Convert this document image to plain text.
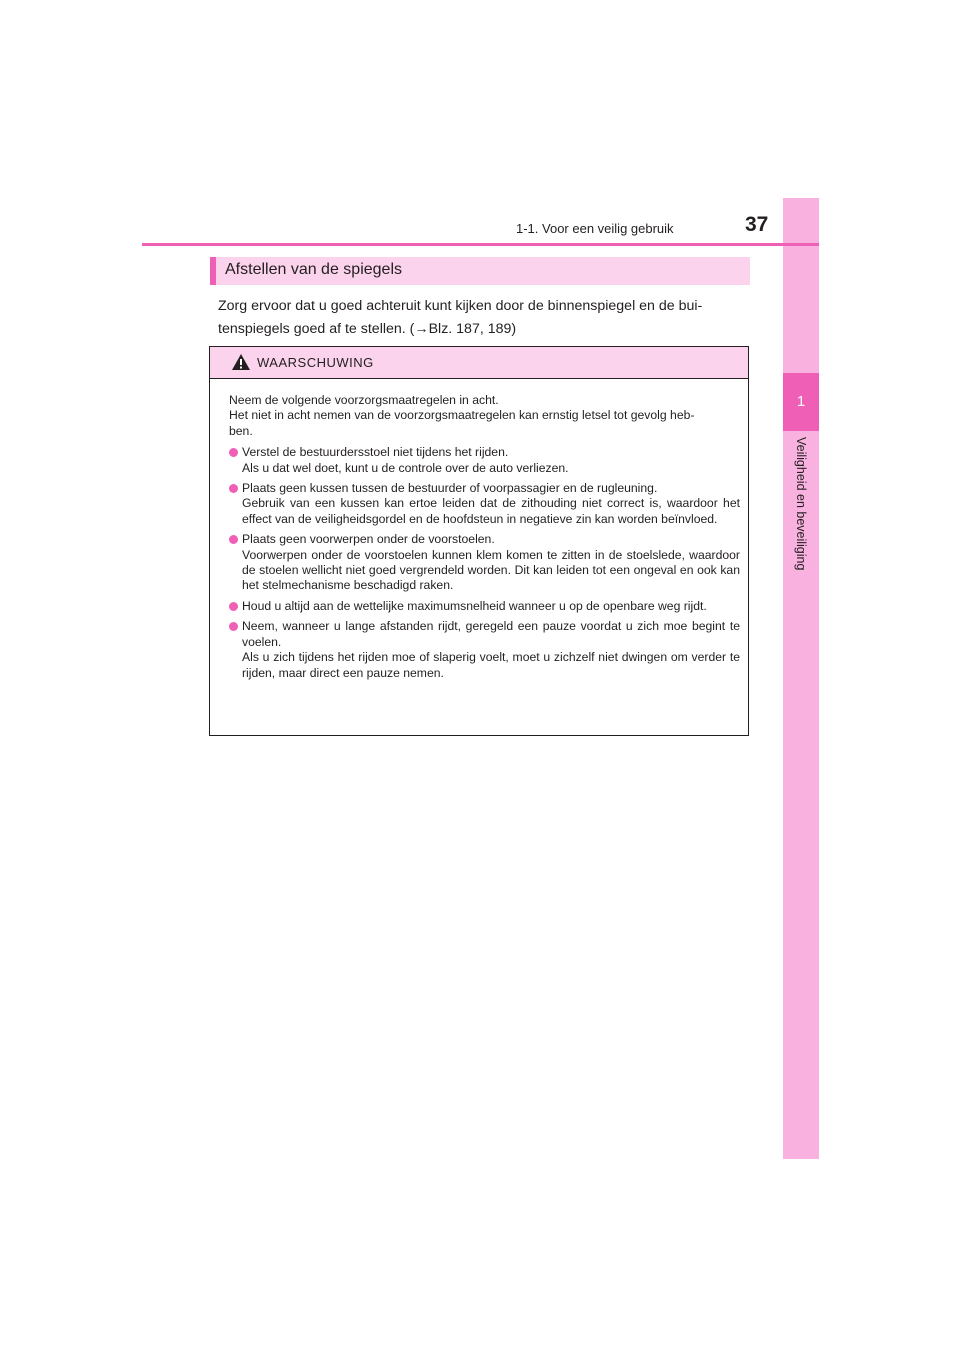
1
Veiligheid en beveiliging
1-1. Voor een veilig gebruik	37
Afstellen van de spiegels

Zorg ervoor dat u goed achteruit kunt kijken door de binnenspiegel en de bui-

tenspiegels goed af te stellen. (→Blz. 187, 189)

WAARSCHUWING

Neem de volgende voorzorgsmaatregelen in acht.

Het niet in acht nemen van de voorzorgsmaatregelen kan ernstig letsel tot gevolg heb-

ben.

Verstel de bestuurdersstoel niet tijdens het rijden.
Als u dat wel doet, kunt u de controle over de auto verliezen.
Plaats geen kussen tussen de bestuurder of voorpassagier en de rugleuning.
Gebruik van een kussen kan ertoe leiden dat de zithouding niet correct is, waardoor het effect van de veiligheidsgordel en de hoofdsteun in negatieve zin kan worden beïnvloed.
Plaats geen voorwerpen onder de voorstoelen.
Voorwerpen onder de voorstoelen kunnen klem komen te zitten in de stoelslede, waardoor de stoelen wellicht niet goed vergrendeld worden. Dit kan leiden tot een ongeval en ook kan het stelmechanisme beschadigd raken.
Houd u altijd aan de wettelijke maximumsnelheid wanneer u op de openbare weg rijdt.
Neem, wanneer u lange afstanden rijdt, geregeld een pauze voordat u zich moe begint te voelen.
Als u zich tijdens het rijden moe of slaperig voelt, moet u zichzelf niet dwingen om verder te rijden, maar direct een pauze nemen.
